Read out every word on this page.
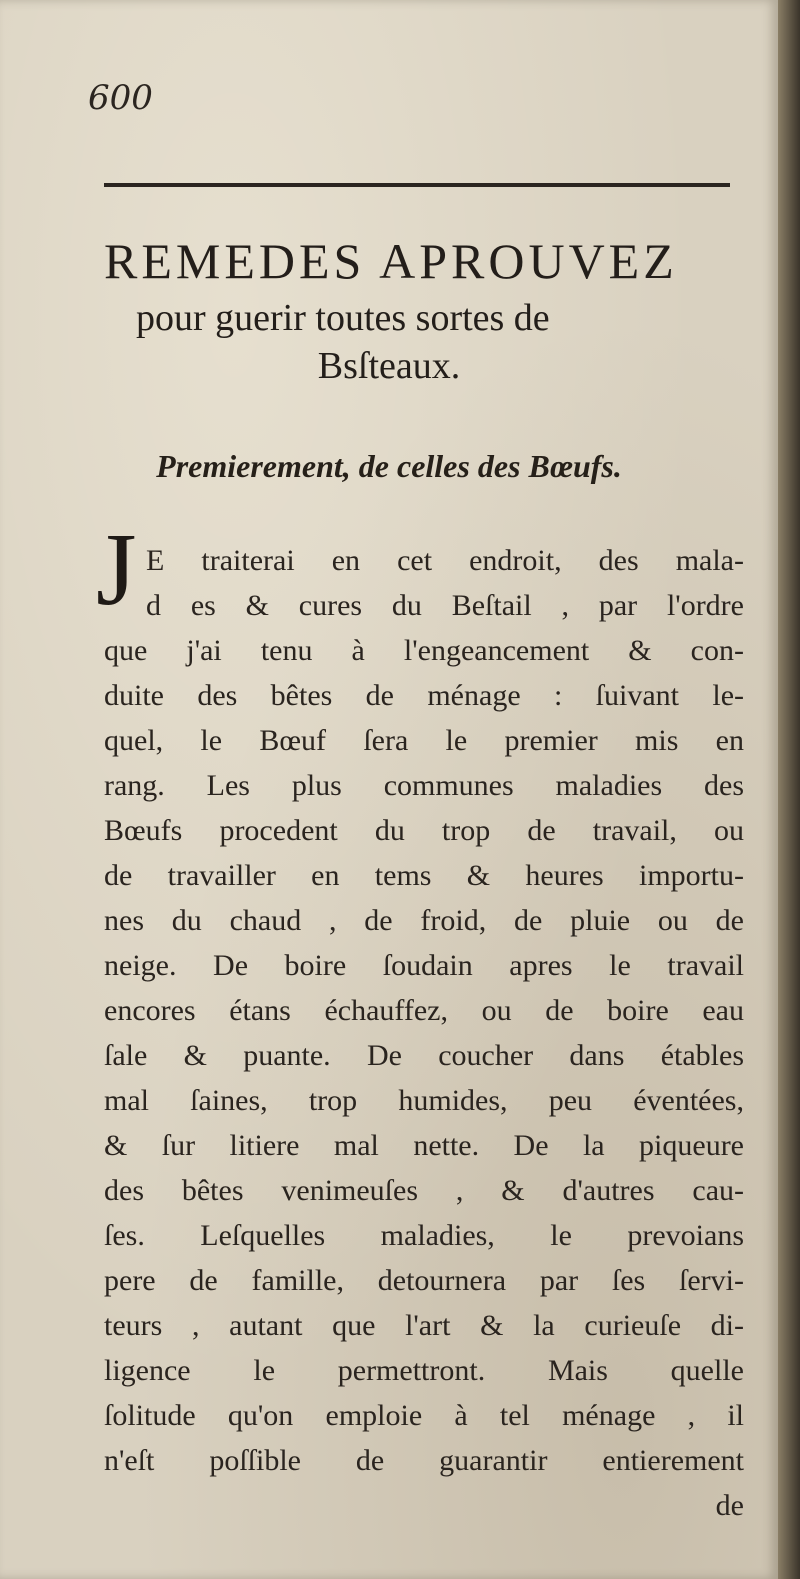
600
REMEDES APROUVEZ
pour guerir toutes sortes de
Bsſteaux.
Premierement, de celles des Bœufs.
J E traiterai en cet endroit, des mala-
d es & cures du Beſtail , par l'ordre
que j'ai tenu à l'engeancement & con-
duite des bêtes de ménage : ſuivant le-
quel, le Bœuf ſera le premier mis en
rang. Les plus communes maladies des
Bœufs procedent du trop de travail, ou
de travailler en tems & heures importu-
nes du chaud , de froid, de pluie ou de
neige. De boire ſoudain apres le travail
encores étans échauffez, ou de boire eau
ſale & puante. De coucher dans étables
mal ſaines, trop humides, peu éventées,
& ſur litiere mal nette. De la piqueure
des bêtes venimeuſes , & d'autres cau-
ſes. Leſquelles maladies, le prevoians
pere de famille, detournera par ſes ſervi-
teurs , autant que l'art & la curieuſe di-
ligence le permettront. Mais quelle
ſolitude qu'on emploie à tel ménage , il
n'eſt poſſible de guarantir entierement
de
